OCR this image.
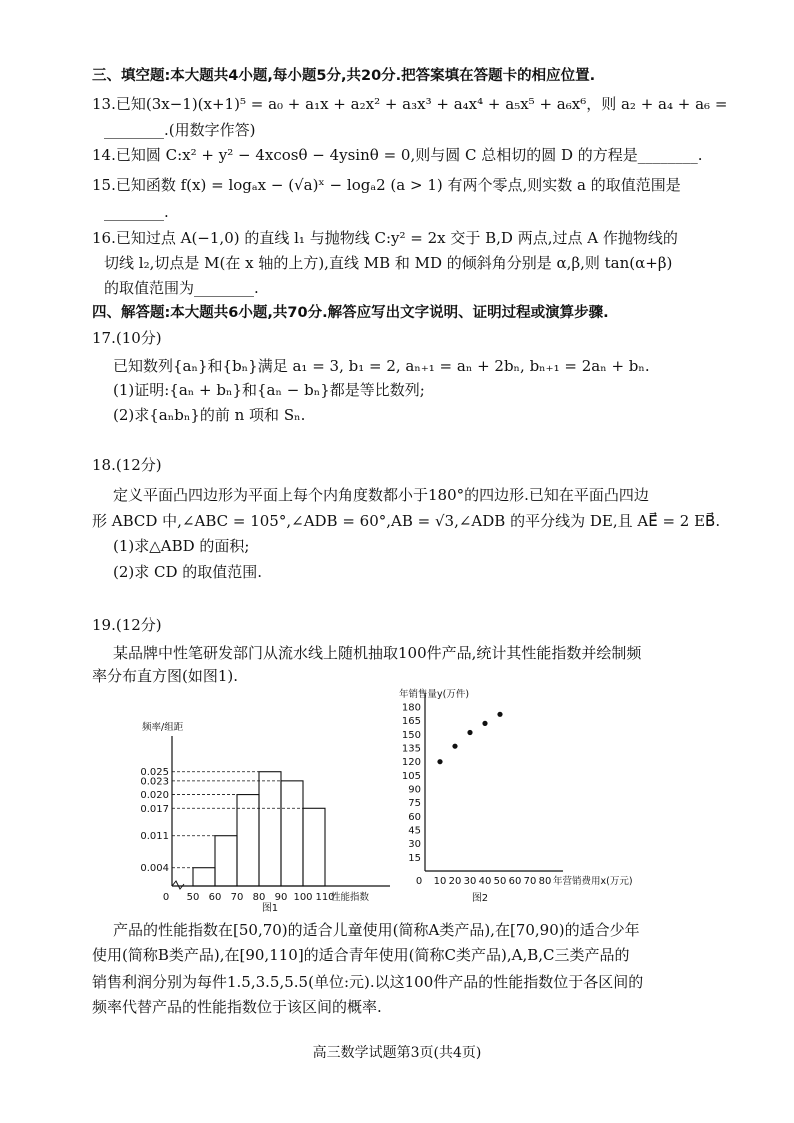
三、填空题:本大题共4小题,每小题5分,共20分.把答案填在答题卡的相应位置.
13.已知(3x−1)(x+1)⁵ = a₀ + a₁x + a₂x² + a₃x³ + a₄x⁴ + a₅x⁵ + a₆x⁶，则 a₂ + a₄ + a₆ =
________.(用数字作答)
14.已知圆 C:x² + y² − 4xcosθ − 4ysinθ = 0,则与圆 C 总相切的圆 D 的方程是________.
15.已知函数 f(x) = logₐx − (√a)ˣ − logₐ2 (a > 1) 有两个零点,则实数 a 的取值范围是
________.
16.已知过点 A(−1,0) 的直线 l₁ 与抛物线 C:y² = 2x 交于 B,D 两点,过点 A 作抛物线的
切线 l₂,切点是 M(在 x 轴的上方),直线 MB 和 MD 的倾斜角分别是 α,β,则 tan(α+β)
的取值范围为________.
四、解答题:本大题共6小题,共70分.解答应写出文字说明、证明过程或演算步骤.
17.(10分)
已知数列{aₙ}和{bₙ}满足 a₁ = 3, b₁ = 2, aₙ₊₁ = aₙ + 2bₙ, bₙ₊₁ = 2aₙ + bₙ.
(1)证明:{aₙ + bₙ}和{aₙ − bₙ}都是等比数列;
(2)求{aₙbₙ}的前 n 项和 Sₙ.
18.(12分)
定义平面凸四边形为平面上每个内角度数都小于180°的四边形.已知在平面凸四边
形 ABCD 中,∠ABC = 105°,∠ADB = 60°,AB = √3,∠ADB 的平分线为 DE,且 AE⃗ = 2 EB⃗.
(1)求△ABD 的面积;
(2)求 CD 的取值范围.
19.(12分)
某品牌中性笔研发部门从流水线上随机抽取100件产品,统计其性能指数并绘制频
率分布直方图(如图1).
频率/组距
0.025
0.023
0.020
0.017
0.011
0.004
0 50 60 70 80 90 100 110
性能指数
图1
年销售量y(万件)
15
30
45
60
75
90
105
120
135
150
165
180
10 20 30 40 50 60 70 80
0	年营销费用x(万元)
图2
产品的性能指数在[50,70)的适合儿童使用(简称A类产品),在[70,90)的适合少年
使用(简称B类产品),在[90,110]的适合青年使用(简称C类产品),A,B,C三类产品的
销售利润分别为每件1.5,3.5,5.5(单位:元).以这100件产品的性能指数位于各区间的
频率代替产品的性能指数位于该区间的概率.
高三数学试题第3页(共4页)
